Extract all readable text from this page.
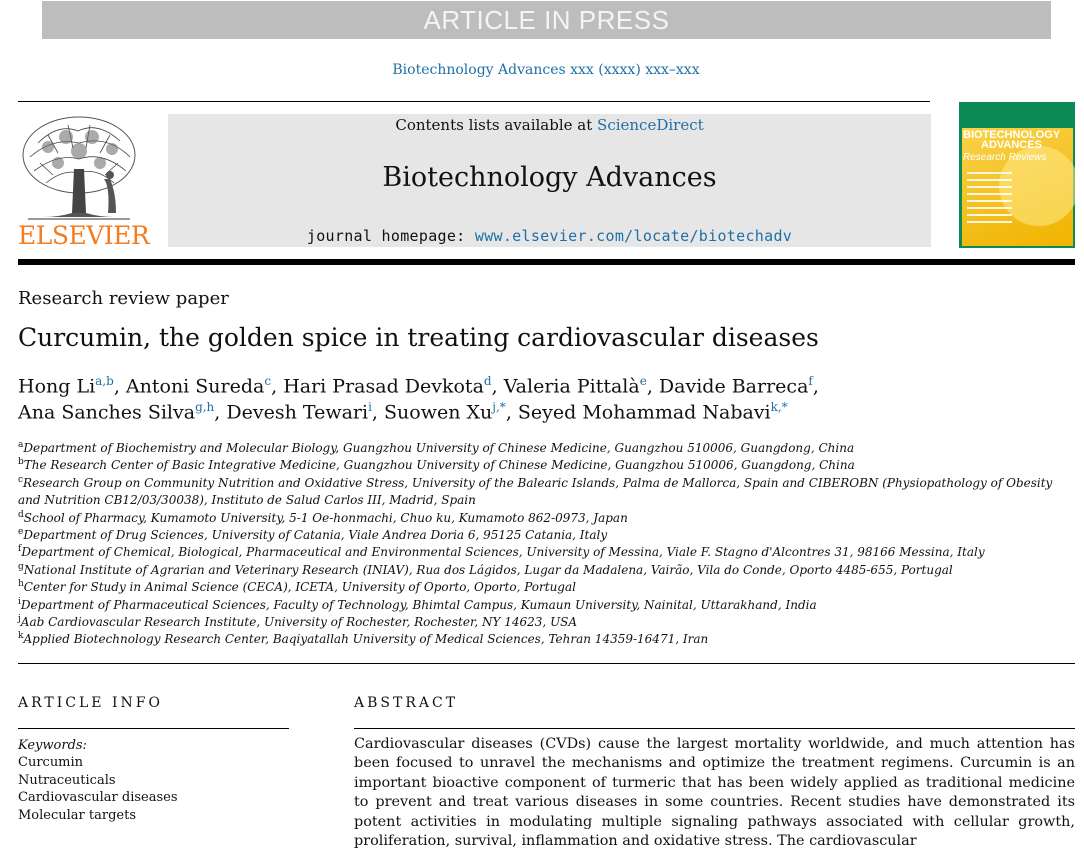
ARTICLE IN PRESS
Biotechnology Advances xxx (xxxx) xxx–xxx
ELSEVIER
Contents lists available at ScienceDirect
Biotechnology Advances
journal homepage: www.elsevier.com/locate/biotechadv
BIOTECHNOLOGY
ADVANCES
Research Reviews
Research review paper
Curcumin, the golden spice in treating cardiovascular diseases
Hong Li$^{a,b}$, Antoni Sureda$^c$, Hari Prasad Devkota$^d$, Valeria Pittalà$^e$, Davide Barreca$^f$,
Ana Sanches Silva$^{g,h}$, Devesh Tewari$^i$, Suowen $Xu^{j,*}$, Seyed Mohammad Nabavi$^{k,*}$
$^a$Department of Biochemistry and Molecular Biology, Guangzhou University of Chinese Medicine, Guangzhou 510006, Guangdong, China
$^b$The Research Center of Basic Integrative Medicine, Guangzhou University of Chinese Medicine, Guangzhou 510006, Guangdong, China
$^c$Research Group on Community Nutrition and Oxidative Stress, University of the Balearic Islands, Palma de Mallorca, Spain and CIBEROBN (Physiopathology of Obesity
and Nutrition CB12/03/30038), Instituto de Salud Carlos III, Madrid, Spain
$^d$School of Pharmacy, Kumamoto University, 5-1 Oe-honmachi, Chuo ku, Kumamoto 862-0973, Japan
$^e$Department of Drug Sciences, University of Catania, Viale Andrea Doria 6, 95125 Catania, Italy
$^f$Department of Chemical, Biological, Pharmaceutical and Environmental Sciences, University of Messina, Viale F. Stagno d'Alcontres 31, 98166 Messina, Italy
$^g$National Institute of Agrarian and Veterinary Research (INIAV), Rua dos Lágidos, Lugar da Madalena, Vairão, Vila do Conde, Oporto 4485-655, Portugal
$^h$Center for Study in Animal Science (CECA), ICETA, University of Oporto, Oporto, Portugal
$^i$Department of Pharmaceutical Sciences, Faculty of Technology, Bhimtal Campus, Kumaun University, Nainital, Uttarakhand, India
$^j$Aab Cardiovascular Research Institute, University of Rochester, Rochester, NY 14623, USA
$^k$Applied Biotechnology Research Center, Baqiyatallah University of Medical Sciences, Tehran 14359-16471, Iran
ARTICLE INFO	ABSTRACT
Keywords:
Curcumin
Nutraceuticals
Cardiovascular diseases
Molecular targets

Cardiovascular diseases (CVDs) cause the largest mortality worldwide, and much attention has been focused to unravel the mechanisms and optimize the treatment regimens. Curcumin is an important bioactive component of turmeric that has been widely applied as traditional medicine to prevent and treat various diseases in some countries. Recent studies have demonstrated its potent activities in modulating multiple signaling pathways associated with cellular growth, proliferation, survival, inflammation and oxidative stress. The cardiovascular
